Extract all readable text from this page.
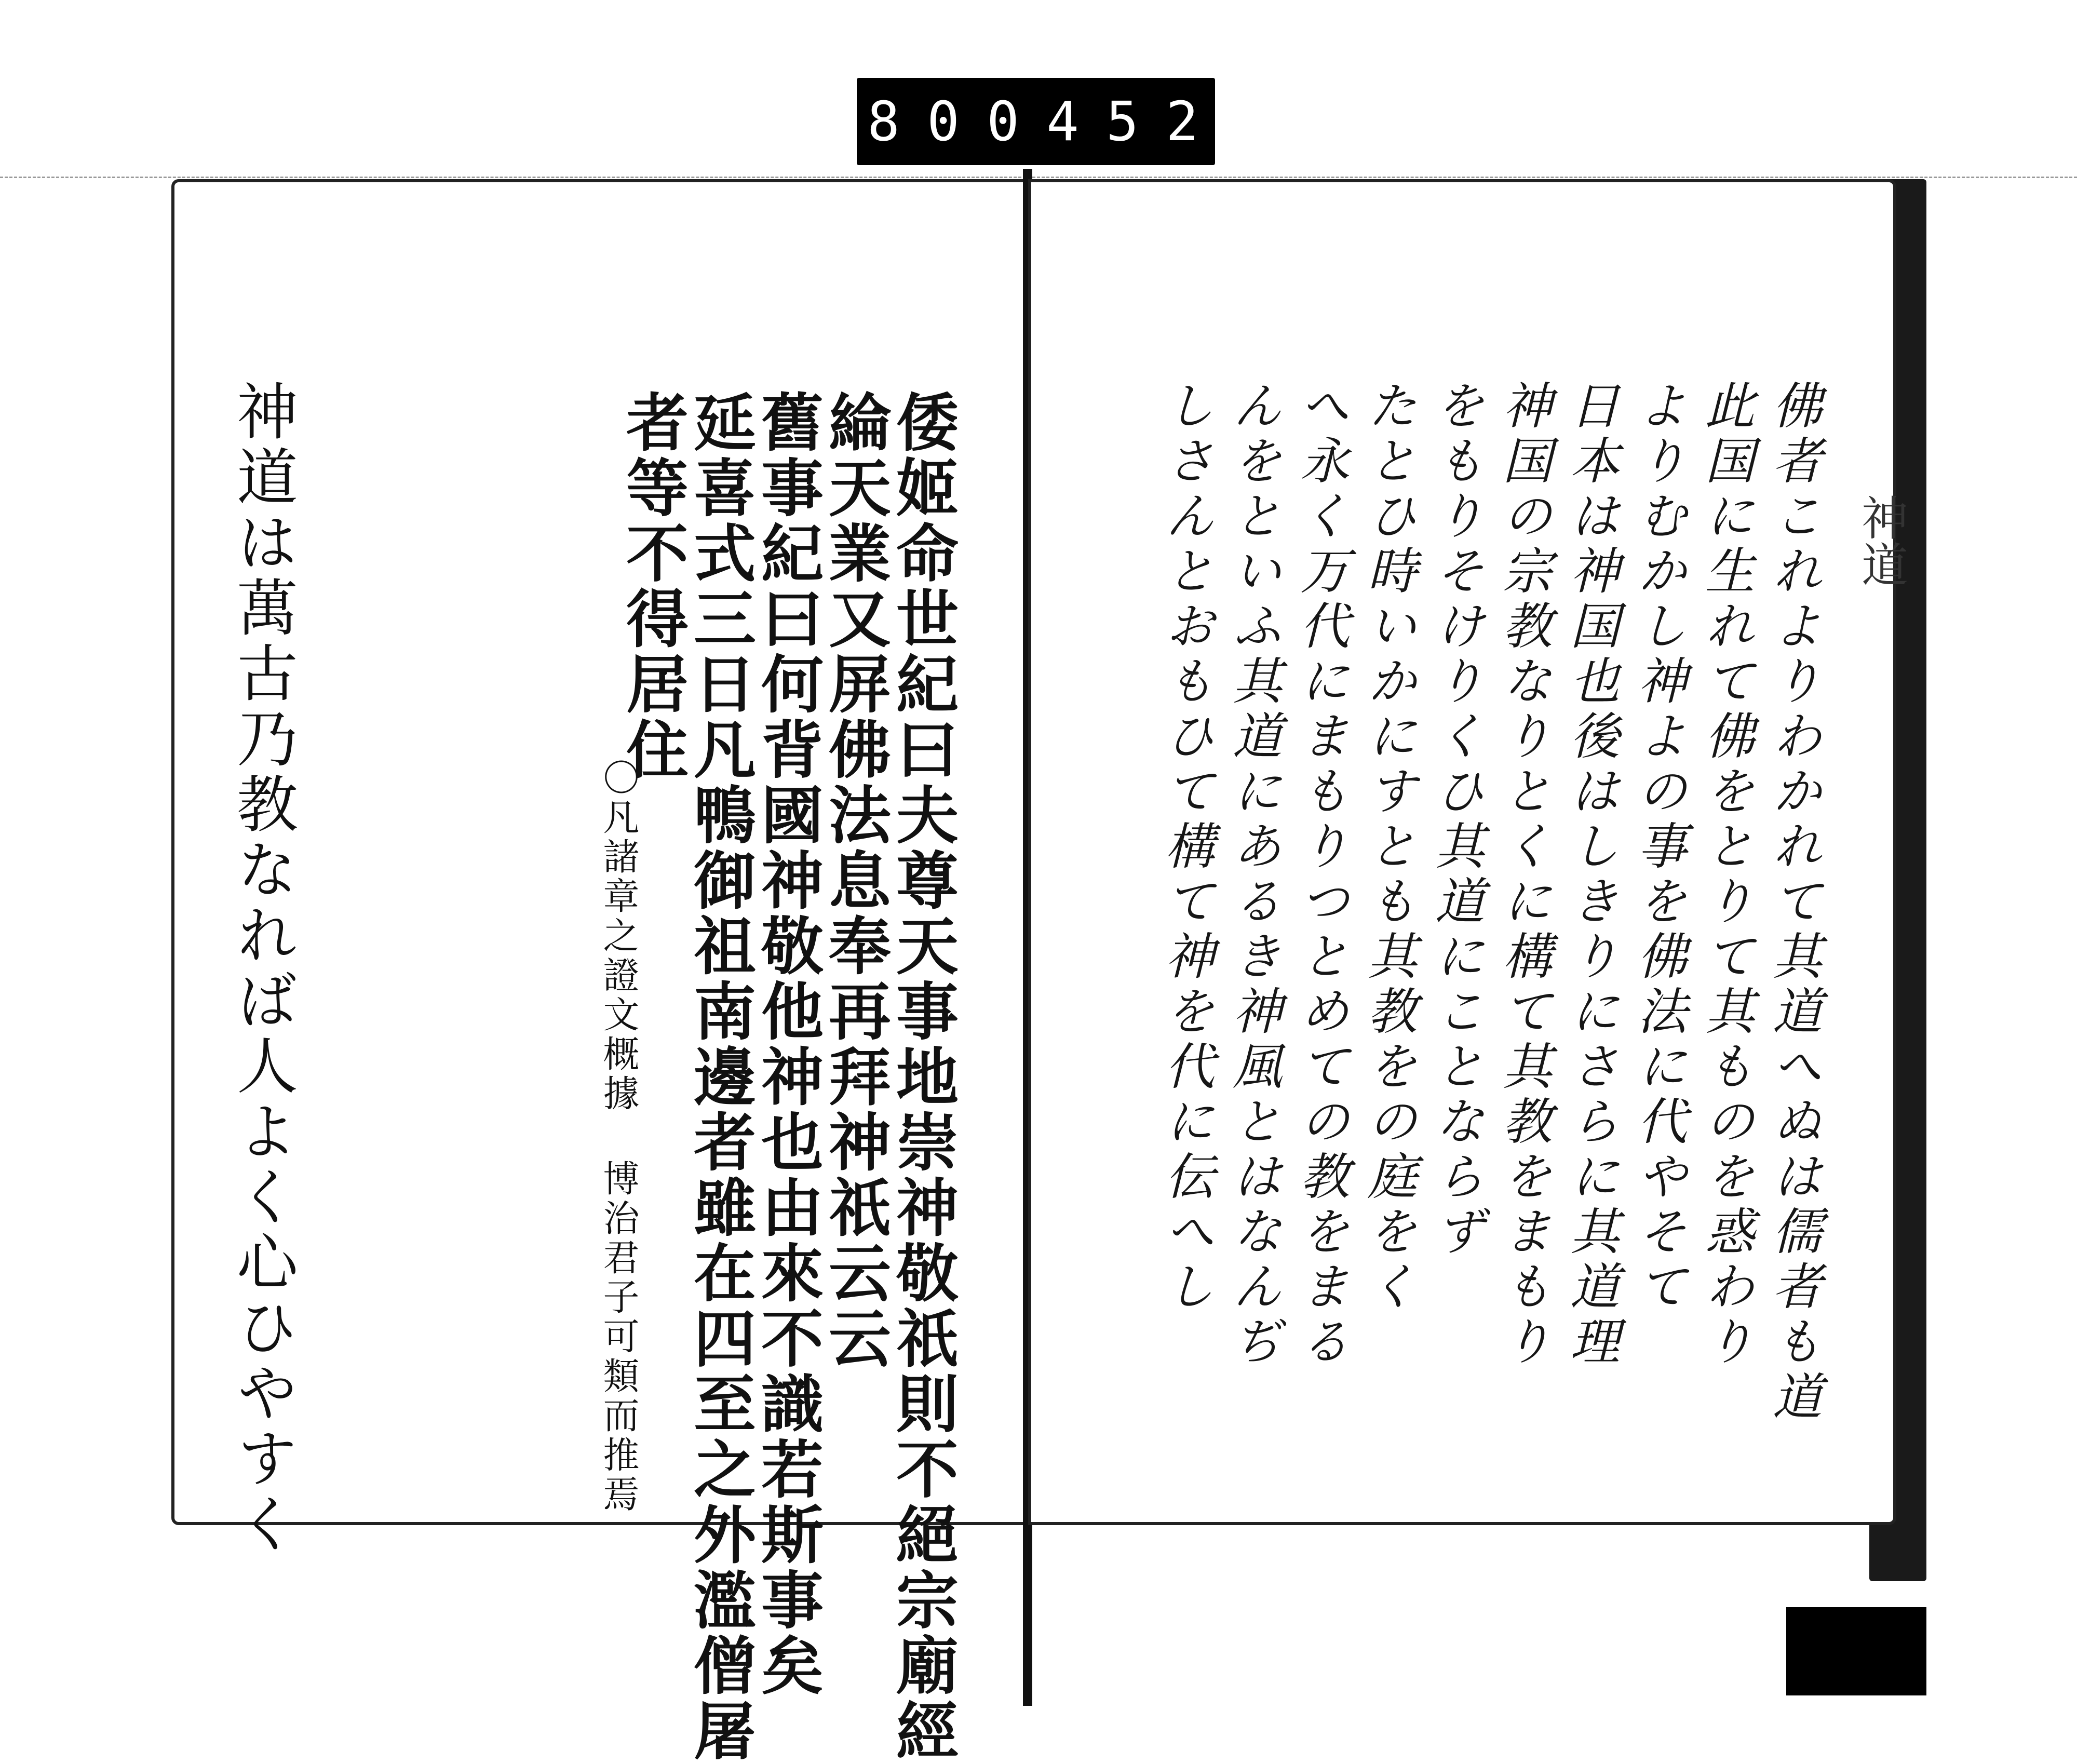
8 0 0 4 5 2
神道は萬古乃教なれば人よく心ひやすく	倭姬命世紀曰夫尊天事地崇神敬祇則不絕宗廟經
綸天業又屏佛法息奉再拜神祇云云
舊事紀曰何背國神敬他神也由來不識若斯事矣
延喜式三日凡鴨御祖南邊者雖在四至之外濫僧屠
者等不得居住
〇凡諸章之證文概據 博治君子可類而推焉
神道
佛者これよりわかれて其道へぬは儒者も道
此国に生れて佛をとりて其ものを惑わり
よりむかし神よの事を佛法に代やそて
日本は神国也後はしきりにさらに其道理
神国の宗教なりとくに構て其教をまもり
をもりそけりくひ其道にことならず
たとひ時いかにすとも其教をの庭をく
へ永く万代にまもりつとめての教をまる
んをといふ其道にあるき神風とはなんぢ
しさんとおもひて構て神を代に伝へし
